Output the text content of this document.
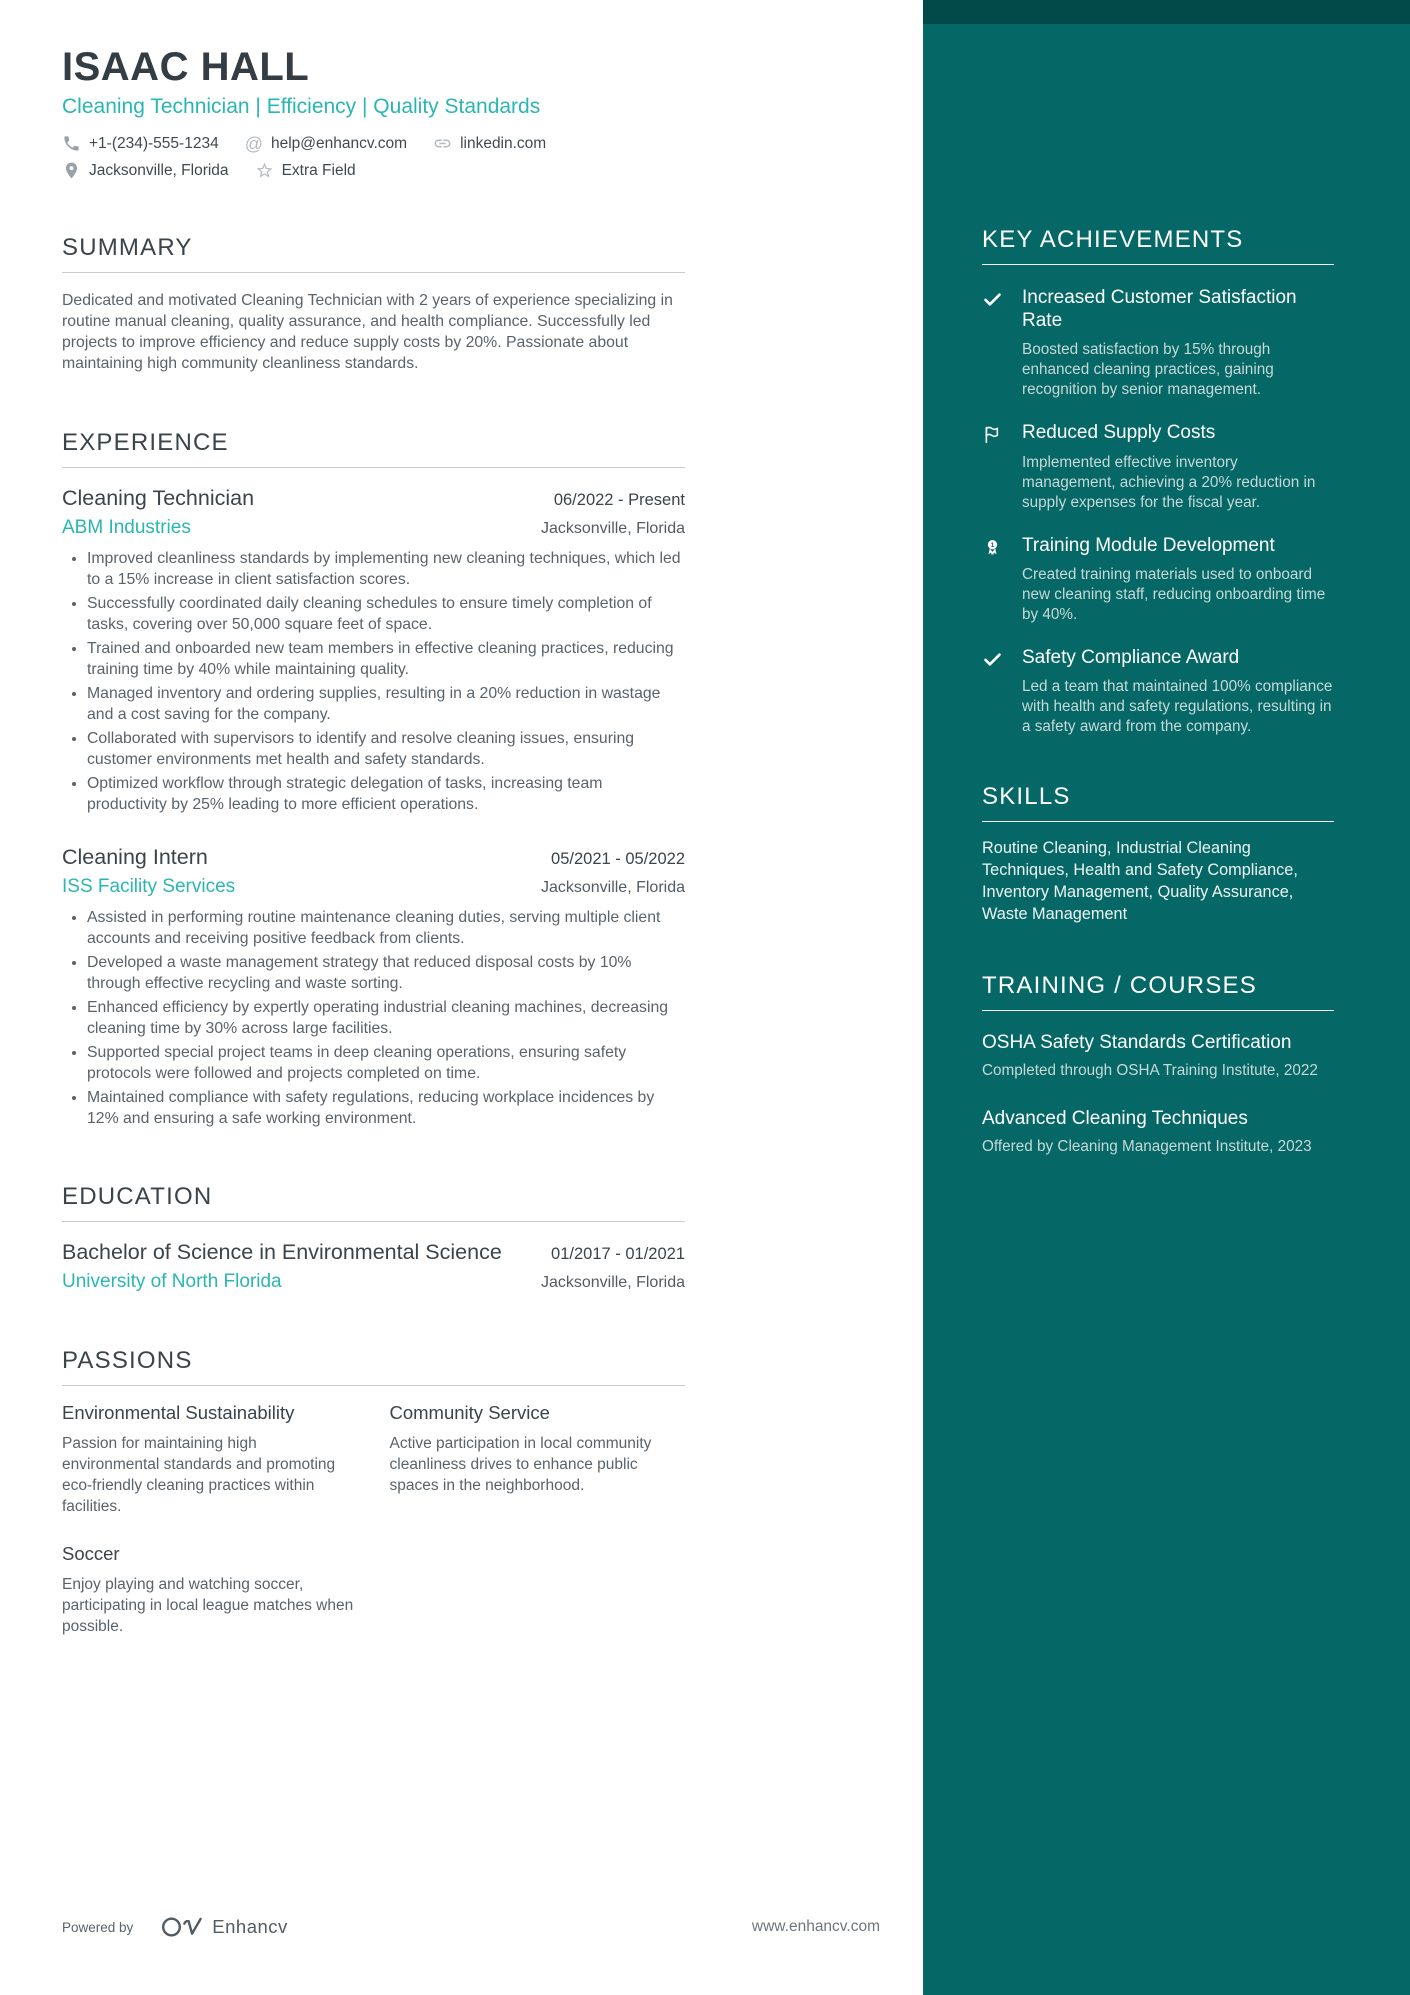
ISAAC HALL
Cleaning Technician | Efficiency | Quality Standards
+1-(234)-555-1234 @ help@enhancv.com	linkedin.com
Jacksonville, Florida	Extra Field
SUMMARY
Dedicated and motivated Cleaning Technician with 2 years of experience specializing in routine manual cleaning, quality assurance, and health compliance. Successfully led projects to improve efficiency and reduce supply costs by 20%. Passionate about maintaining high community cleanliness standards.
EXPERIENCE
Cleaning Technician	06/2022 - Present
ABM Industries	Jacksonville, Florida
• Improved cleanliness standards by implementing new cleaning techniques, which led to a 15% increase in client satisfaction scores.
• Successfully coordinated daily cleaning schedules to ensure timely completion of tasks, covering over 50,000 square feet of space.
• Trained and onboarded new team members in effective cleaning practices, reducing training time by 40% while maintaining quality.
• Managed inventory and ordering supplies, resulting in a 20% reduction in wastage and a cost saving for the company.
• Collaborated with supervisors to identify and resolve cleaning issues, ensuring customer environments met health and safety standards.
• Optimized workflow through strategic delegation of tasks, increasing team productivity by 25% leading to more efficient operations.
Cleaning Intern	05/2021 - 05/2022
ISS Facility Services	Jacksonville, Florida
• Assisted in performing routine maintenance cleaning duties, serving multiple client accounts and receiving positive feedback from clients.
• Developed a waste management strategy that reduced disposal costs by 10% through effective recycling and waste sorting.
• Enhanced efficiency by expertly operating industrial cleaning machines, decreasing cleaning time by 30% across large facilities.
• Supported special project teams in deep cleaning operations, ensuring safety protocols were followed and projects completed on time.
• Maintained compliance with safety regulations, reducing workplace incidences by 12% and ensuring a safe working environment.
EDUCATION
Bachelor of Science in Environmental Science	01/2017 - 01/2021
University of North Florida	Jacksonville, Florida
PASSIONS
Environmental Sustainability
Passion for maintaining high environmental standards and promoting eco-friendly cleaning practices within facilities.
Community Service
Active participation in local community cleanliness drives to enhance public spaces in the neighborhood.
Soccer
Enjoy playing and watching soccer, participating in local league matches when possible.
KEY ACHIEVEMENTS
Increased Customer Satisfaction Rate
Boosted satisfaction by 15% through enhanced cleaning practices, gaining recognition by senior management.
Reduced Supply Costs
Implemented effective inventory management, achieving a 20% reduction in supply expenses for the fiscal year.
1 Training Module Development
Created training materials used to onboard new cleaning staff, reducing onboarding time by 40%.
Safety Compliance Award
Led a team that maintained 100% compliance with health and safety regulations, resulting in a safety award from the company.
SKILLS
Routine Cleaning, Industrial Cleaning Techniques, Health and Safety Compliance, Inventory Management, Quality Assurance, Waste Management
TRAINING / COURSES
OSHA Safety Standards Certification
Completed through OSHA Training Institute, 2022
Advanced Cleaning Techniques
Offered by Cleaning Management Institute, 2023
Powered by	Enhancv	www.enhancv.com
